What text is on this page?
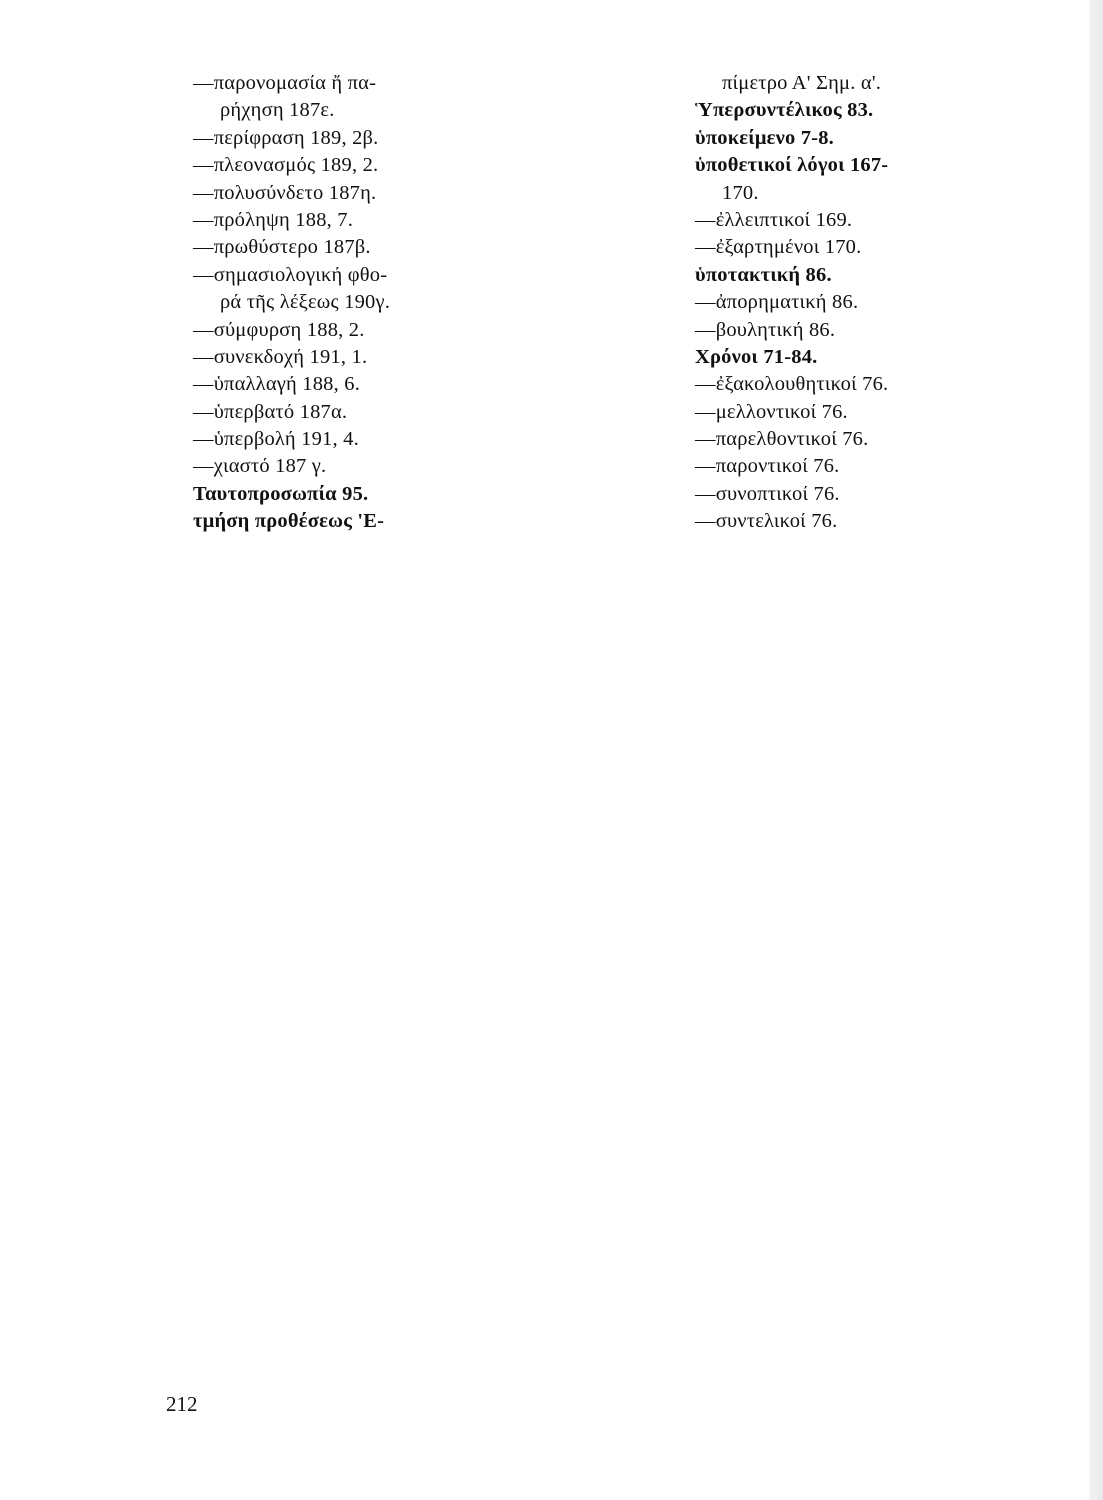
—παρονομασία ἤ πα-
ρήχηση 187ε.
—περίφραση 189, 2β.
—πλεονασμός 189, 2.
—πολυσύνδετο 187η.
—πρόληψη 188, 7.
—πρωθύστερο 187β.
—σημασιολογική φθο-
ρά τῆς λέξεως 190γ.
—σύμφυρση 188, 2.
—συνεκδοχή 191, 1.
—ὑπαλλαγή 188, 6.
—ὑπερβατό 187α.
—ὑπερβολή 191, 4.
—χιαστό 187 γ.
Ταυτοπροσωπία 95.
τμήση προθέσεως 'Ε-
πίμετρο Α' Σημ. α'.
Ὑπερσυντέλικος 83.
ὑποκείμενο 7-8.
ὑποθετικοί λόγοι 167-
170.
—ἐλλειπτικοί 169.
—ἐξαρτημένοι 170.
ὑποτακτική 86.
—ἀπορηματική 86.
—βουλητική 86.
Χρόνοι 71-84.
—ἐξακολουθητικοί 76.
—μελλοντικοί 76.
—παρελθοντικοί 76.
—παροντικοί 76.
—συνοπτικοί 76.
—συντελικοί 76.
212
